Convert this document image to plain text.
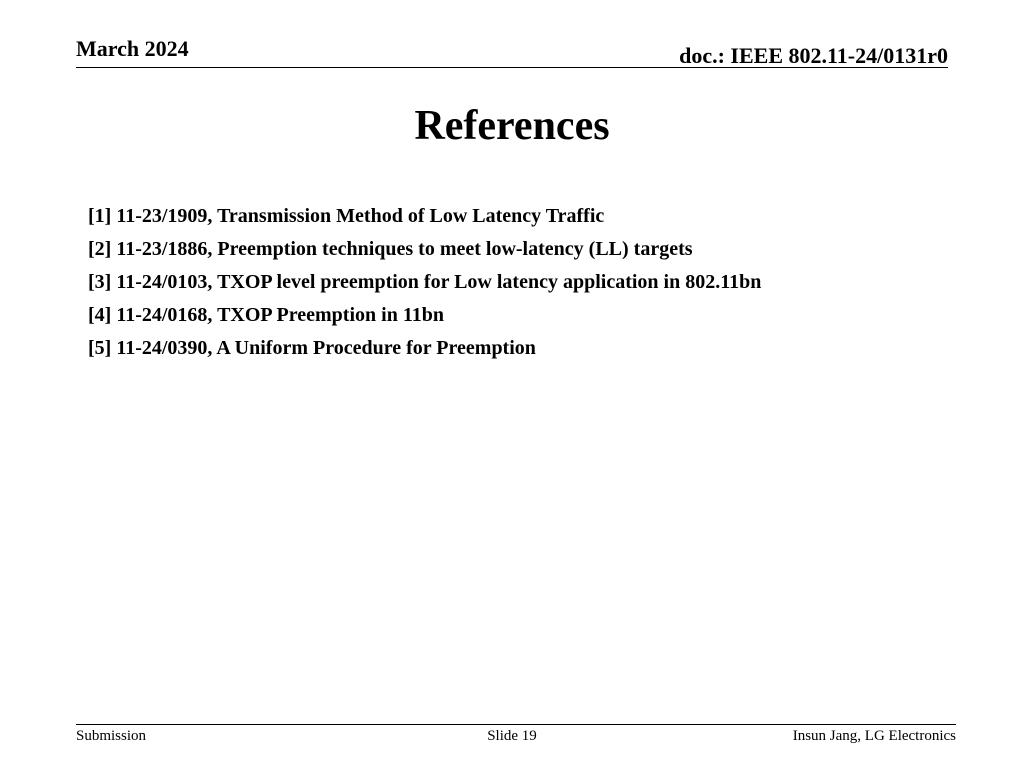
March 2024	doc.: IEEE 802.11-24/0131r0
References
[1] 11-23/1909, Transmission Method of Low Latency Traffic
[2] 11-23/1886, Preemption techniques to meet low-latency (LL) targets
[3] 11-24/0103, TXOP level preemption for Low latency application in 802.11bn
[4] 11-24/0168, TXOP Preemption in 11bn
[5] 11-24/0390, A Uniform Procedure for Preemption
Submission	Slide 19	Insun Jang, LG Electronics
